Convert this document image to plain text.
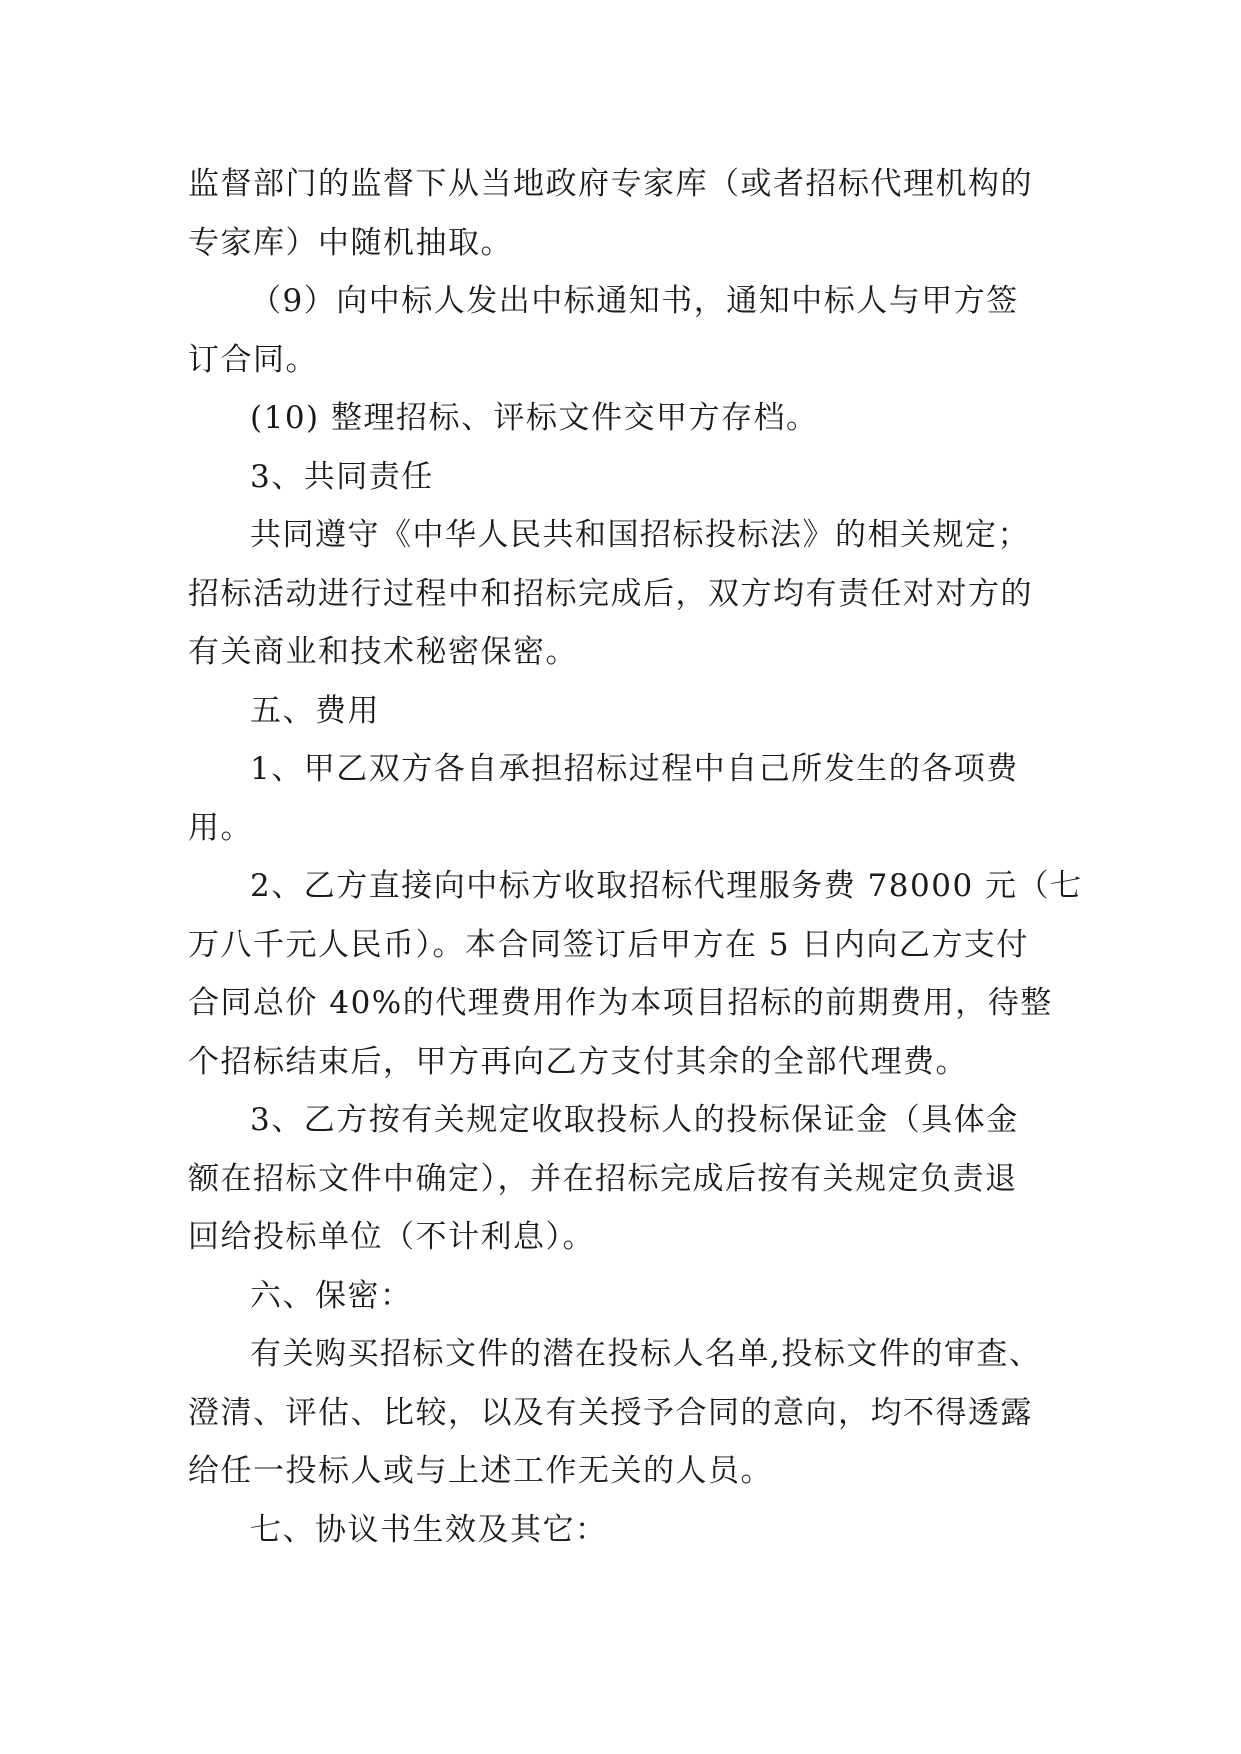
监督部门的监督下从当地政府专家库（或者招标代理机构的
专家库）中随机抽取。
（9）向中标人发出中标通知书，通知中标人与甲方签
订合同。
(10) 整理招标、评标文件交甲方存档。
3、共同责任
共同遵守《中华人民共和国招标投标法》的相关规定；
招标活动进行过程中和招标完成后，双方均有责任对对方的
有关商业和技术秘密保密。
五、费用
1、甲乙双方各自承担招标过程中自己所发生的各项费
用。
2、乙方直接向中标方收取招标代理服务费 78000 元（七
万八千元人民币）。本合同签订后甲方在 5 日内向乙方支付
合同总价 40%的代理费用作为本项目招标的前期费用，待整
个招标结束后，甲方再向乙方支付其余的全部代理费。
3、乙方按有关规定收取投标人的投标保证金（具体金
额在招标文件中确定），并在招标完成后按有关规定负责退
回给投标单位（不计利息）。
六、保密：
有关购买招标文件的潜在投标人名单,投标文件的审查、
澄清、评估、比较，以及有关授予合同的意向，均不得透露
给任一投标人或与上述工作无关的人员。
七、协议书生效及其它：
